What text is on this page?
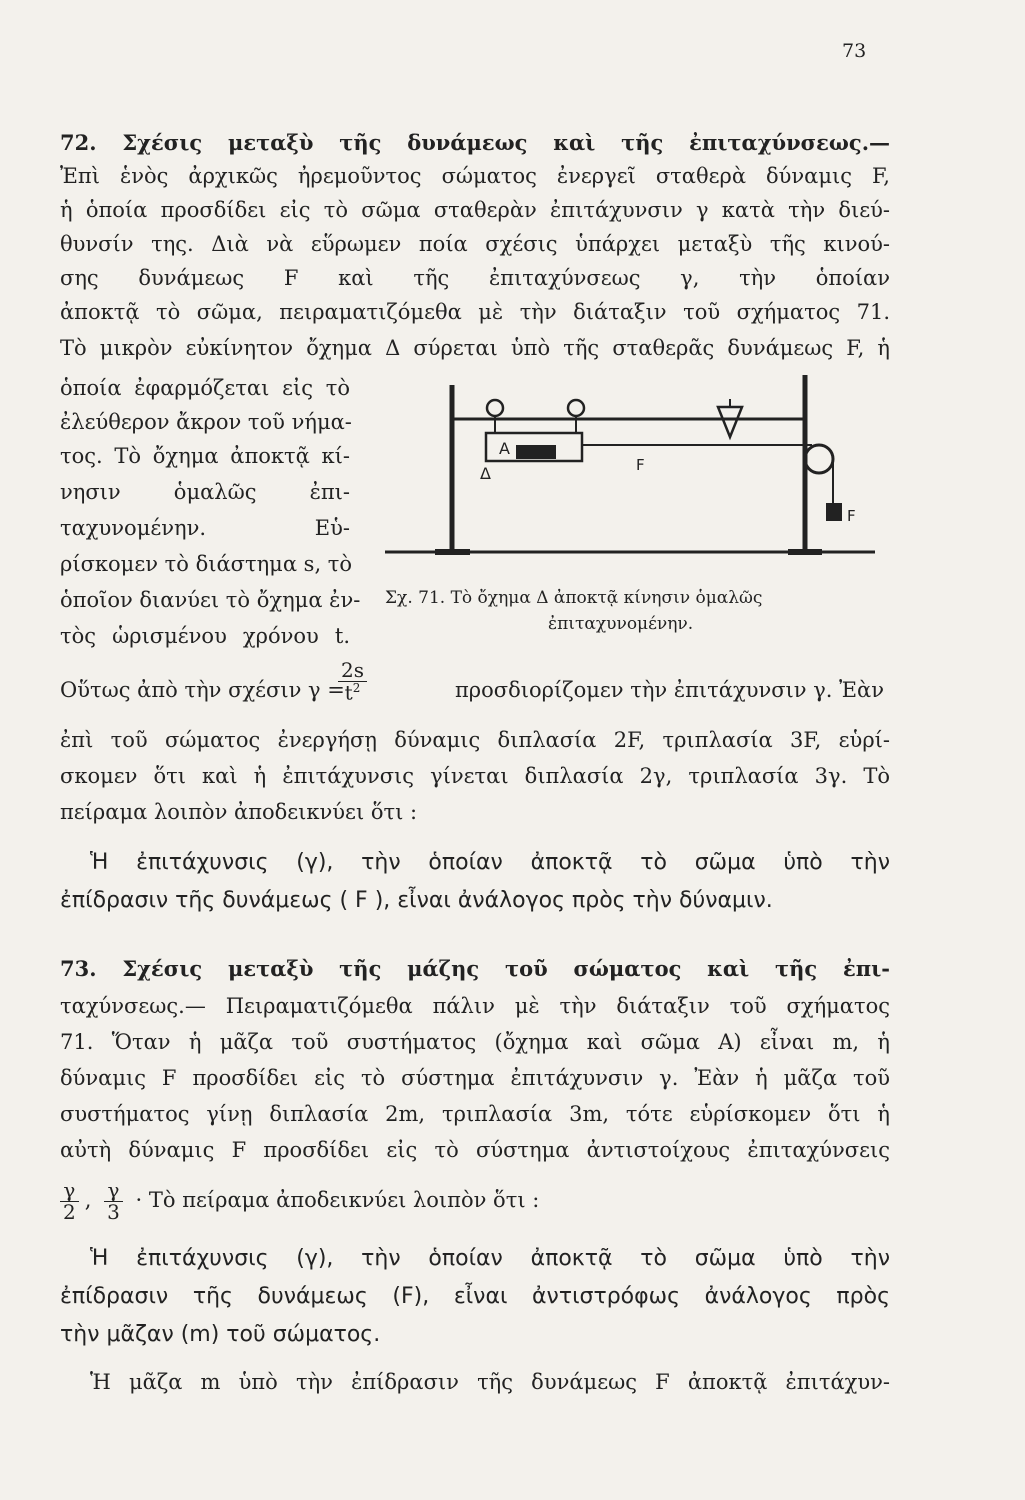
73
72. Σχέσις μεταξὺ τῆς δυνάμεως καὶ τῆς ἐπιταχύνσεως.—
Ἐπὶ ἑνὸς ἀρχικῶς ἠρεμοῦντος σώματος ἐνεργεῖ σταθερὰ δύναμις F,
ἡ ὁποία προσδίδει εἰς τὸ σῶμα σταθερὰν ἐπιτάχυνσιν γ κατὰ τὴν διεύ-
θυνσίν της. Διὰ νὰ εὕρωμεν ποία σχέσις ὑπάρχει μεταξὺ τῆς κινού-
σης δυνάμεως F καὶ τῆς ἐπιταχύνσεως γ, τὴν ὁποίαν
ἀποκτᾷ τὸ σῶμα, πειραματιζόμεθα μὲ τὴν διάταξιν τοῦ σχήματος 71.
Τὸ μικρὸν εὐκίνητον ὄχημα Δ σύρεται ὑπὸ τῆς σταθερᾶς δυνάμεως F, ἡ
ὁποία ἐφαρμόζεται εἰς τὸ
ἐλεύθερον ἄκρον τοῦ νήμα-
τος. Τὸ ὄχημα ἀποκτᾷ κί-
νησιν ὁμαλῶς ἐπι-
ταχυνομένην. Εὑ-
ρίσκομεν τὸ διάστημα s, τὸ
ὁποῖον διανύει τὸ ὄχημα ἐν-
τὸς ὡρισμένου χρόνου t.
A
Δ	F
F
Σχ. 71. Τὸ ὄχημα Δ ἀποκτᾷ κίνησιν ὁμαλῶς
ἐπιταχυνομένην.
Οὕτως ἀπὸ τὴν σχέσιν γ =
$\frac{2s}{t^2}$	προσδιορίζομεν τὴν ἐπιτάχυνσιν γ. Ἐὰν
ἐπὶ τοῦ σώματος ἐνεργήσῃ δύναμις διπλασία 2F, τριπλασία 3F, εὑρί-
σκομεν ὅτι καὶ ἡ ἐπιτάχυνσις γίνεται διπλασία 2γ, τριπλασία 3γ. Τὸ
πείραμα λοιπὸν ἀποδεικνύει ὅτι :
Ἡ ἐπιτάχυνσις (γ), τὴν ὁποίαν ἀποκτᾷ τὸ σῶμα ὑπὸ τὴν
ἐπίδρασιν τῆς δυνάμεως ( F ), εἶναι ἀνάλογος πρὸς τὴν δύναμιν.
73. Σχέσις μεταξὺ τῆς μάζης τοῦ σώματος καὶ τῆς ἐπι-
ταχύνσεως.— Πειραματιζόμεθα πάλιν μὲ τὴν διάταξιν τοῦ σχήματος
71. Ὅταν ἡ μᾶζα τοῦ συστήματος (ὄχημα καὶ σῶμα A) εἶναι m, ἡ
δύναμις F προσδίδει εἰς τὸ σύστημα ἐπιτάχυνσιν γ. Ἐὰν ἡ μᾶζα τοῦ
συστήματος γίνῃ διπλασία 2m, τριπλασία 3m, τότε εὑρίσκομεν ὅτι ἡ
αὐτὴ δύναμις F προσδίδει εἰς τὸ σύστημα ἀντιστοίχους ἐπιταχύνσεις
$\frac{\gamma}{2}$ , $\frac{\gamma}{3}$ · Τὸ πείραμα ἀποδεικνύει λοιπὸν ὅτι :
Ἡ ἐπιτάχυνσις (γ), τὴν ὁποίαν ἀποκτᾷ τὸ σῶμα ὑπὸ τὴν
ἐπίδρασιν τῆς δυνάμεως (F), εἶναι ἀντιστρόφως ἀνάλογος πρὸς
τὴν μᾶζαν (m) τοῦ σώματος.
Ἡ μᾶζα m ὑπὸ τὴν ἐπίδρασιν τῆς δυνάμεως F ἀποκτᾷ ἐπιτάχυν-
